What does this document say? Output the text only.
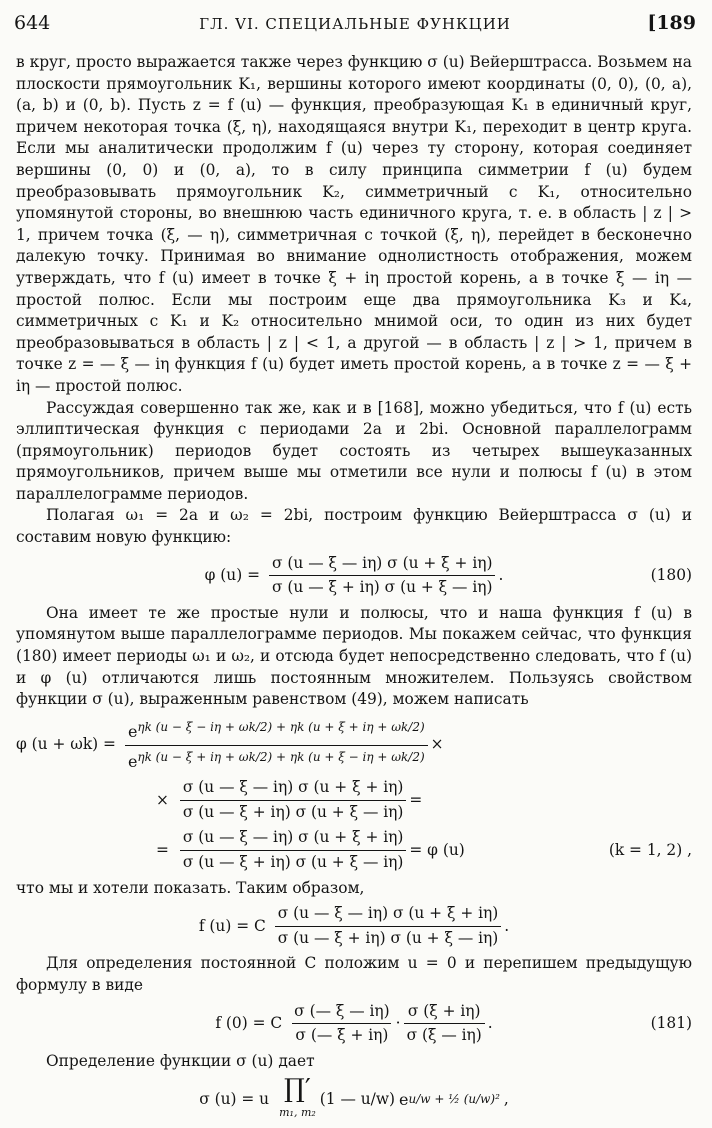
644	ГЛ. VI. СПЕЦИАЛЬНЫЕ ФУНКЦИИ	[189

в круг, просто выражается также через функцию σ (u) Вейерштрасса. Возьмем на плоскости прямоугольник K₁, вершины которого имеют координаты (0, 0), (0, a), (a, b) и (0, b). Пусть z = f (u) — функция, преобразующая K₁ в единичный круг, причем некоторая точка (ξ, η), находящаяся внутри K₁, переходит в центр круга. Если мы аналитически продолжим f (u) через ту сторону, которая соединяет вершины (0, 0) и (0, a), то в силу принципа симметрии f (u) будем преобразовывать прямоугольник K₂, симметричный с K₁, относительно упомянутой стороны, во внешнюю часть единичного круга, т. е. в область | z | > 1, причем точка (ξ, — η), симметричная с точкой (ξ, η), перейдет в бесконечно далекую точку. Принимая во внимание однолистность отображения, можем утверждать, что f (u) имеет в точке ξ + iη простой корень, а в точке ξ — iη — простой полюс. Если мы построим еще два прямоугольника K₃ и K₄, симметричных с K₁ и K₂ относительно мнимой оси, то один из них будет преобразовываться в область | z | < 1, а другой — в область | z | > 1, причем в точке z = — ξ — iη функция f (u) будет иметь простой корень, а в точке z = — ξ + iη — простой полюс.

Рассуждая совершенно так же, как и в [168], можно убедиться, что f (u) есть эллиптическая функция с периодами 2a и 2bi. Основной параллелограмм (прямоугольник) периодов будет состоять из четырех вышеуказанных прямоугольников, причем выше мы отметили все нули и полюсы f (u) в этом параллелограмме периодов.

Полагая ω₁ = 2a и ω₂ = 2bi, построим функцию Вейерштрасса σ (u) и составим новую функцию:

φ $(u) = \frac{\sigma (u — \xi — i\eta) \sigma (u + \xi + i\eta)}{\sigma (u — \xi + i\eta) \sigma (u + \xi — i\eta)}$ .	(180)

Она имеет те же простые нули и полюсы, что и наша функция f (u) в упомянутом выше параллелограмме периодов. Мы покажем сейчас, что функция (180) имеет периоды ω₁ и ω₂, и отсюда будет непосредственно следовать, что f (u) и φ (u) отличаются лишь постоянным множителем. Пользуясь свойством функции σ (u), выраженным равенством (49), можем написать

φ $(u + \omega k) = \frac{e^{\eta k (u - \xi - i\eta + \omega k/2) + \eta k (u + \xi + i\eta + \omega k/2)}}{e^{\eta k (u - \xi + i\eta + \omega k/2) + \eta k (u + \xi - i\eta + \omega k/2)}}$ ×
× $\frac{\sigma (u — \xi — i\eta) \sigma (u + \xi + i\eta)}{\sigma (u — \xi + i\eta) \sigma (u + \xi — i\eta)}$ =
= $\frac{\sigma (u — \xi — i\eta) \sigma (u + \xi + i\eta)}{\sigma (u — \xi + i\eta) \sigma (u + \xi — i\eta)} = \varphi$ (u)	(k = 1, 2) ,

что мы и хотели показать. Таким образом,

f (u) = C $\frac{\sigma (u — \xi — i\eta) \sigma (u + \xi + i\eta)}{\sigma (u — \xi + i\eta) \sigma (u + \xi — i\eta)}$ .

Для определения постоянной C положим u = 0 и перепишем предыдущую формулу в виде

f (0) = C $\frac{\sigma (— \xi — i\eta)}{\sigma (— \xi + i\eta)} \cdot \frac{\sigma (\xi + i\eta)}{\sigma (\xi — i\eta)}$ .	(181)

Определение функции σ (u) дает

σ (u) = u ∏′
m₁, m₂
(1 — u/w) e u/w + ½ (u/w)² ,
